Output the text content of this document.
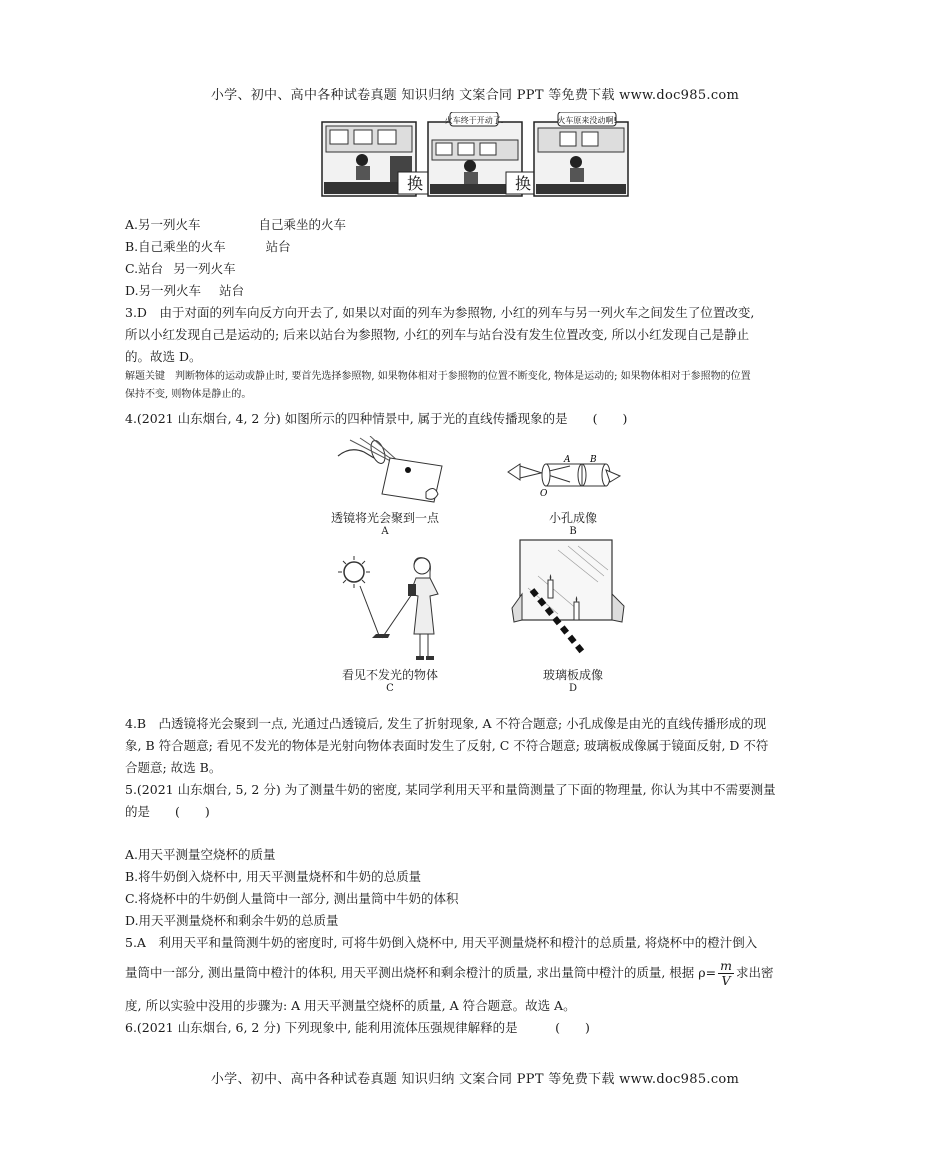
小学、初中、高中各种试卷真题 知识归纳 文案合同 PPT 等免费下载 www.doc985.com
换
火车终于开动了.
换
火车原来没动啊!
A.另一列火车	自己乘坐的火车
B.自己乘坐的火车	站台
C.站台 另一列火车
D.另一列火车 站台
3.D　由于对面的列车向反方向开去了, 如果以对面的列车为参照物, 小红的列车与另一列火车之间发生了位置改变,
所以小红发现自己是运动的; 后来以站台为参照物, 小红的列车与站台没有发生位置改变, 所以小红发现自己是静止
的。故选 D。
解题关键 判断物体的运动或静止时, 要首先选择参照物, 如果物体相对于参照物的位置不断变化, 物体是运动的; 如果物体相对于参照物的位置
保持不变, 则物体是静止的。
4.(2021 山东烟台, 4, 2 分) 如图所示的四种情景中, 属于光的直线传播现象的是　　(　　)
透镜将光会聚到一点
A
A B
O
小孔成像
B
看见不发光的物体
C
玻璃板成像
D
4.B　凸透镜将光会聚到一点, 光通过凸透镜后, 发生了折射现象, A 不符合题意; 小孔成像是由光的直线传播形成的现
象, B 符合题意; 看见不发光的物体是光射向物体表面时发生了反射, C 不符合题意; 玻璃板成像属于镜面反射, D 不符
合题意; 故选 B。
5.(2021 山东烟台, 5, 2 分) 为了测量牛奶的密度, 某同学利用天平和量筒测量了下面的物理量, 你认为其中不需要测量
的是　　(　　)
A.用天平测量空烧杯的质量
B.将牛奶倒入烧杯中, 用天平测量烧杯和牛奶的总质量
C.将烧杯中的牛奶倒人量筒中一部分, 测出量筒中牛奶的体积
D.用天平测量烧杯和剩余牛奶的总质量
5.A　利用天平和量筒测牛奶的密度时, 可将牛奶倒入烧杯中, 用天平测量烧杯和橙汁的总质量, 将烧杯中的橙汁倒入
量筒中一部分, 测出量筒中橙汁的体积, 用天平测出烧杯和剩余橙汁的质量, 求出量筒中橙汁的质量, 根据 $\rho= \frac{m}{V}$ 求出密
度, 所以实验中没用的步骤为: A 用天平测量空烧杯的质量, A 符合题意。故选 A。
6.(2021 山东烟台, 6, 2 分) 下列现象中, 能利用流体压强规律解释的是　　　(　　)
小学、初中、高中各种试卷真题 知识归纳 文案合同 PPT 等免费下载 www.doc985.com
